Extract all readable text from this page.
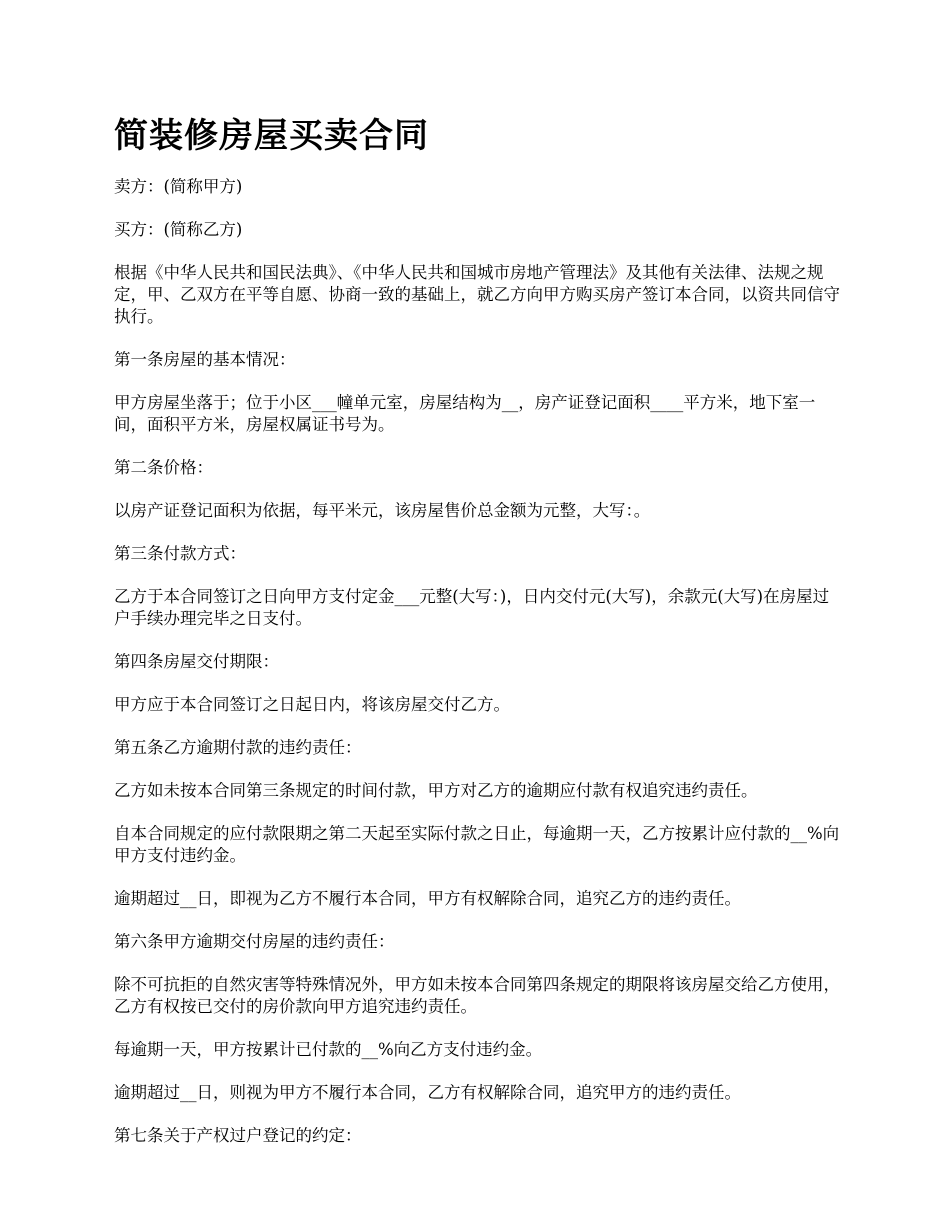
简装修房屋买卖合同

卖方：(简称甲方)

买方：(简称乙方)

根据《中华人民共和国民法典》、《中华人民共和国城市房地产管理法》及其他有关法律、法规之规定，甲、乙双方在平等自愿、协商一致的基础上，就乙方向甲方购买房产签订本合同，以资共同信守执行。

第一条房屋的基本情况：

甲方房屋坐落于；位于小区___幢单元室，房屋结构为__，房产证登记面积____平方米，地下室一间，面积平方米，房屋权属证书号为。

第二条价格：

以房产证登记面积为依据，每平米元，该房屋售价总金额为元整，大写：。

第三条付款方式：

乙方于本合同签订之日向甲方支付定金___元整(大写：)，日内交付元(大写)，余款元(大写)在房屋过户手续办理完毕之日支付。

第四条房屋交付期限：

甲方应于本合同签订之日起日内，将该房屋交付乙方。

第五条乙方逾期付款的违约责任：

乙方如未按本合同第三条规定的时间付款，甲方对乙方的逾期应付款有权追究违约责任。

自本合同规定的应付款限期之第二天起至实际付款之日止，每逾期一天，乙方按累计应付款的__%向甲方支付违约金。

逾期超过__日，即视为乙方不履行本合同，甲方有权解除合同，追究乙方的违约责任。

第六条甲方逾期交付房屋的违约责任：

除不可抗拒的自然灾害等特殊情况外，甲方如未按本合同第四条规定的期限将该房屋交给乙方使用，乙方有权按已交付的房价款向甲方追究违约责任。

每逾期一天，甲方按累计已付款的__%向乙方支付违约金。

逾期超过__日，则视为甲方不履行本合同，乙方有权解除合同，追究甲方的违约责任。

第七条关于产权过户登记的约定：
